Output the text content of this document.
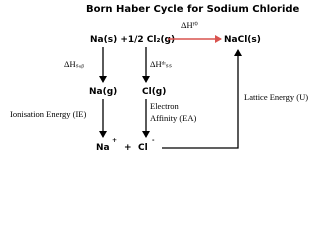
Born Haber Cycle for Sodium Chloride
Na(s) +1/2 Cl₂(g)	NaCl(s)
ΔHᶠ⁰
ΔHₛᵤᵦ	ΔHᵈᶦₛₛ
Na(g)	Cl(g)
Ionisation Energy (IE)
Electron
Affinity (EA)
Na
+
+ Cl
-
Lattice Energy (U)
